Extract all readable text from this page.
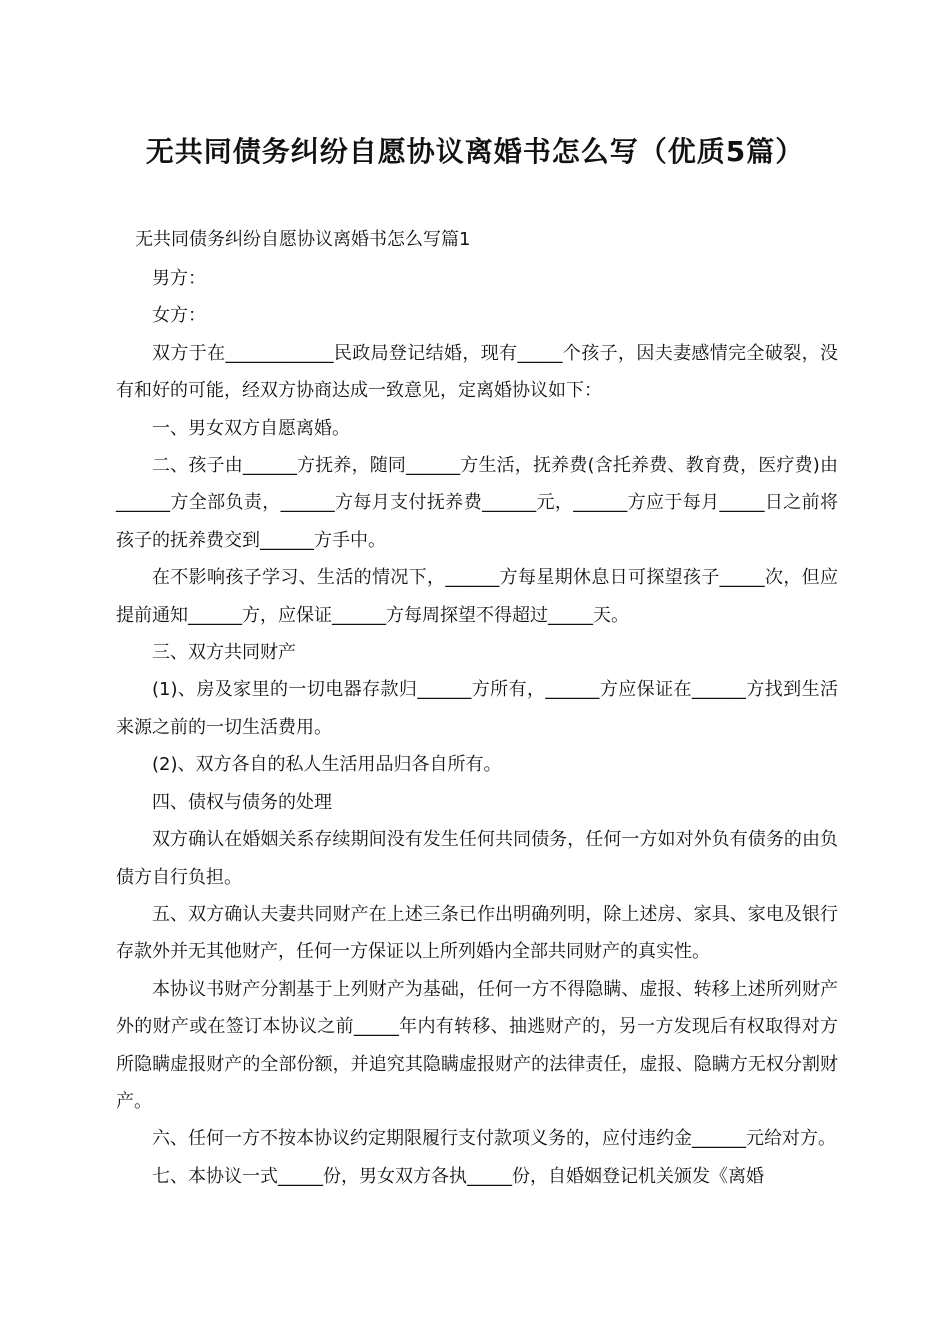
无共同债务纠纷自愿协议离婚书怎么写（优质5篇）
无共同债务纠纷自愿协议离婚书怎么写篇1

男方：

女方：

双方于在____________民政局登记结婚，现有_____个孩子，因夫妻感情完全破裂，没有和好的可能，经双方协商达成一致意见，定离婚协议如下：

一、男女双方自愿离婚。

二、孩子由______方抚养，随同______方生活，抚养费(含托养费、教育费，医疗费)由______方全部负责，______方每月支付抚养费______元，______方应于每月_____日之前将孩子的抚养费交到______方手中。

在不影响孩子学习、生活的情况下，______方每星期休息日可探望孩子_____次，但应提前通知______方，应保证______方每周探望不得超过_____天。

三、双方共同财产

(1)、房及家里的一切电器存款归______方所有，______方应保证在______方找到生活来源之前的一切生活费用。

(2)、双方各自的私人生活用品归各自所有。

四、债权与债务的处理

双方确认在婚姻关系存续期间没有发生任何共同债务，任何一方如对外负有债务的由负债方自行负担。

五、双方确认夫妻共同财产在上述三条已作出明确列明，除上述房、家具、家电及银行存款外并无其他财产，任何一方保证以上所列婚内全部共同财产的真实性。

本协议书财产分割基于上列财产为基础，任何一方不得隐瞒、虚报、转移上述所列财产外的财产或在签订本协议之前_____年内有转移、抽逃财产的，另一方发现后有权取得对方所隐瞒虚报财产的全部份额，并追究其隐瞒虚报财产的法律责任，虚报、隐瞒方无权分割财产。

六、任何一方不按本协议约定期限履行支付款项义务的，应付违约金______元给对方。

七、本协议一式_____份，男女双方各执_____份，自婚姻登记机关颁发《离婚
